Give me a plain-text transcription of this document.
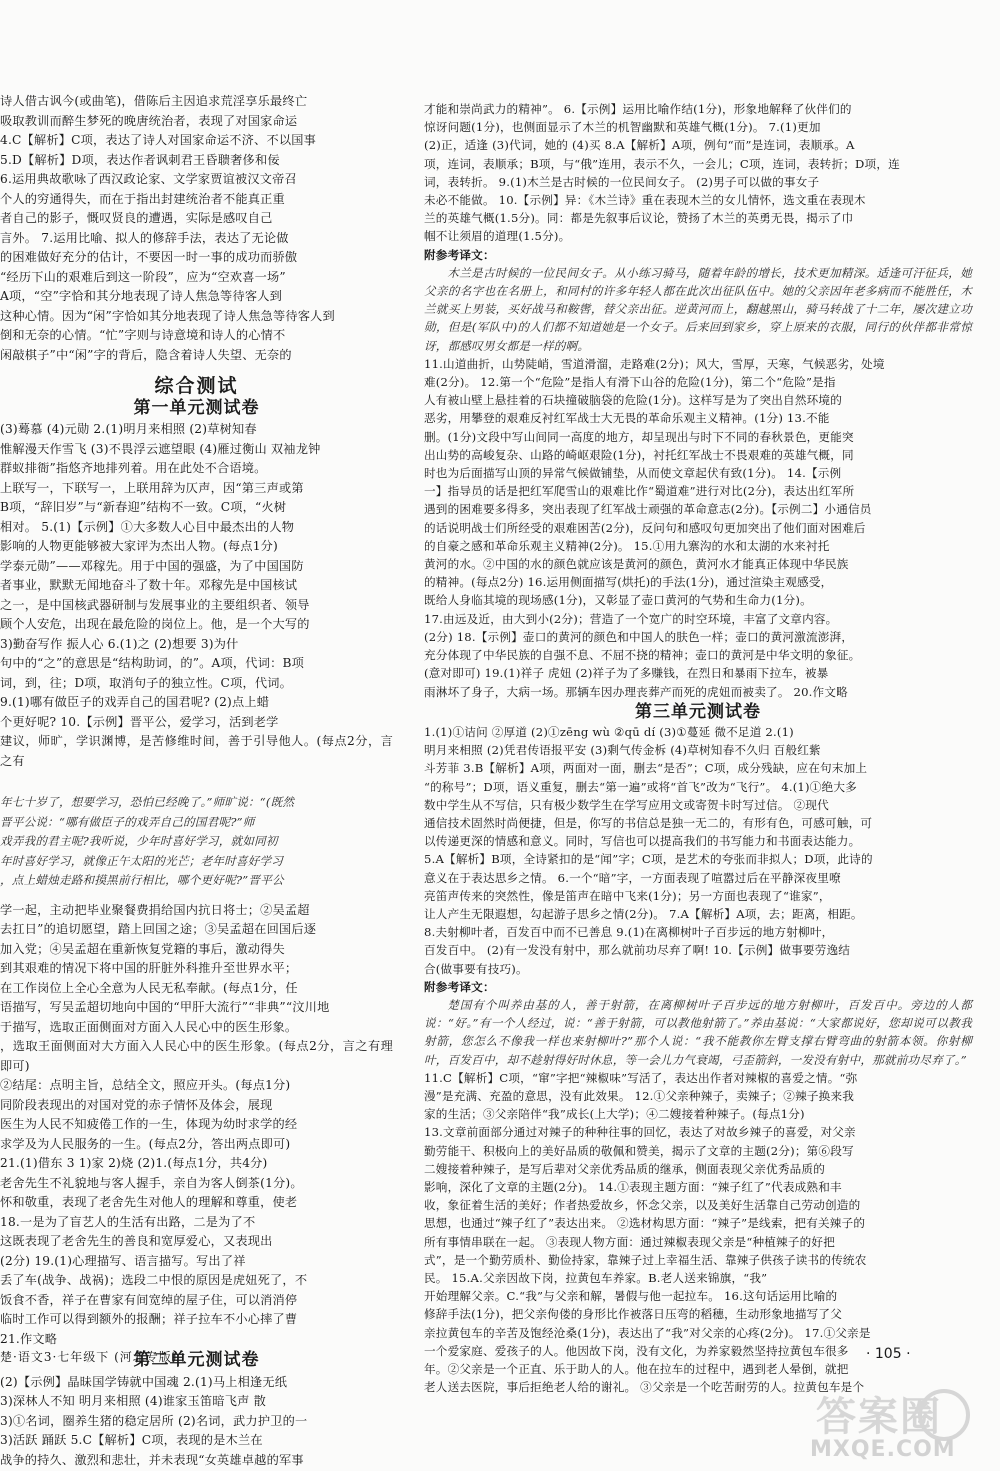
诗人借古讽今(或曲笔)，借陈后主因追求荒淫享乐最终亡

吸取教训而醉生梦死的晚唐统治者，表现了对国家命运

4.C【解析】C项，表达了诗人对国家命运不济、不以国事

5.D【解析】D项，表达作者讽刺君王昏聩奢侈和佞

6.运用典故歌咏了西汉政论家、文学家贾谊被汉文帝召

个人的穷通得失，而在于指出封建统治者不能真正重

者自己的影子，慨叹贤良的遭遇，实际是感叹自己

言外。 7.运用比喻、拟人的修辞手法，表达了无论做

的困难做好充分的估计，不要因一时一事的成功而骄傲

“经历下山的艰难后到这一阶段”，应为“空欢喜一场”

A项，“空”字恰和其分地表现了诗人焦急等待客人到

这种心情。因为“闲”字恰如其分地表现了诗人焦急等待客人到

倒和无奈的心情。“忙”字则与诗意境和诗人的心情不

闲敲棋子”中“闲”字的背后，隐含着诗人失望、无奈的

综合测试
第一单元测试卷

(3)蓦慕 (4)元勋 2.(1)明月来相照 (2)草树知春

惟解漫天作雪飞 (3)不畏浮云遮望眼 (4)雁过衡山 双袖龙钟

群蚁排衙”指悠齐地排列着。用在此处不合语境。

上联写一，下联写一，上联用辞为仄声，因“第三声或第

B项，“辞旧岁”与“新春迎”结构不一致。C项，“火树

相对。 5.(1)【示例】①大多数人心目中最杰出的人物

影响的人物更能够被大家评为杰出人物。(每点1分)

学泰元勋”——邓稼先。用于中国的强盛，为了中国国防

者事业，默默无闻地奋斗了数十年。邓稼先是中国核试

之一，是中国核武器研制与发展事业的主要组织者、领导

顾个人安危，出现在最危险的岗位上。他，是一个大写的

3)勤奋写作 振人心 6.(1)之 (2)想要 3)为什

句中的“之”的意思是“结构助词，的”。A项，代词：B项

词，到，往；D项，取消句子的独立性。C项，代词。

9.(1)哪有做臣子的戏弄自己的国君呢? (2)点上蜡

个更好呢? 10.【示例】晋平公，爱学习，活到老学

建议，师旷，学识渊博，是苦修维时间，善于引导他人。(每点2分，言之有

年七十岁了，想要学习，恐怕已经晚了。”师旷说：“(既然

晋平公说：“哪有做臣子的戏弄自己的国君呢?”师

戏弄我的君主呢?我听说，少年时喜好学习，就如同初

年时喜好学习，就像正午太阳的光芒；老年时喜好学习

，点上蜡烛走路和摸黑前行相比，哪个更好呢?”晋平公

学一起，主动把毕业聚餐费捐给国内抗日将士；②吴孟超

去扛日”的追切愿望，踏上回国之途；③吴孟超在回国后逐

加入党；④吴孟超在重新恢复党籍的事后，激动得失

到其艰难的情况下将中国的肝脏外科推升至世界水平；

在工作岗位上全心全意为人民无私奉献。(每点1分，任

语描写，写吴孟超切地向中国的“甲肝大流行”“非典”“汶川地

于描写，选取正面侧面对方面入人民心中的医生形象。

，选取王面侧面对大方面入人民心中的医生形象。(每点2分，言之有理即可)

②结尾：点明主旨，总结全文，照应开头。(每点1分)

同阶段表现出的对国对党的赤子情怀及体会，展现

医生为人民不知疲倦工作的一生，体现为幼时求学的经

求学及为人民服务的一生。(每点2分，答出两点即可)

21.(1)借东 3 1)家 2)烧 (2)1.(每点1分，共4分)

老舍先生不礼貌地与客人握手，亲自为客人倒茶(1分)。

怀和敬重，表现了老舍先生对他人的理解和尊重，使老

18.一是为了盲艺人的生活有出路，二是为了不

这既表现了老舍先生的善良和宽厚爱心，又表现出

(2分) 19.(1)心理描写、语言描写。写出了祥

丢了车(战争、战祸)；选段二中恨的原因是虎妞死了，不

饭食不香，祥子在曹家有间宽绰的屋子住，可以消消停

临时工作可以得到额外的报酬；祥子拉车不小心摔了曹

21.作文略

第二单元测试卷

(2)【示例】晶昧国学铸就中国魂 2.(1)马上相逢无纸

3)深林人不知 明月来相照 (4)谁家玉笛暗飞声 散

3)①名词，圈养生猪的稳定居所 (2)名词，武力护卫的一

3)活跃 踊跃 5.C【解析】C项，表现的是木兰在

战争的持久、激烈和悲壮，并未表现“女英雄卓越的军事

才能和崇尚武力的精神”。 6.【示例】运用比喻作结(1分)，形象地解释了伙伴们的

惊讶问题(1分)，也侧面显示了木兰的机智幽默和英雄气概(1分)。 7.(1)更加

(2)正，适逢 (3)代词，她的 (4)买 8.A【解析】A项，例句“而”是连词，表顺承。A

项，连词，表顺承；B项，与“俄”连用，表示不久，一会儿；C项，连词，表转折；D项，连

词，表转折。 9.(1)木兰是古时候的一位民间女子。 (2)男子可以做的事女子

未必不能做。 10.【示例】异：《木兰诗》重在表现木兰的女儿情怀，选文重在表现木

兰的英雄气概(1.5分)。同：都是先叙事后议论，赞扬了木兰的英勇无畏，揭示了巾

帼不让须眉的道理(1.5分)。

附参考译文：

木兰是古时候的一位民间女子。从小练习骑马，随着年龄的增长，技术更加精深。适逢可汗征兵，她父亲的名字也在名册上，和同村的许多年轻人都在此次出征队伍中。她的父亲因年老多病而不能胜任，木兰就买上男装，买好战马和鞍辔，替父亲出征。逆黄河而上，翻越黑山，骑马转战了十二年，屡次建立功勋，但是(军队中)的人们都不知道她是一个女子。后来回到家乡，穿上原来的衣服，同行的伙伴都非常惊讶，都感叹男女都是一样的啊。

11.山道曲折，山势陡峭，雪道滑溜，走路难(2分)；风大，雪厚，天寒，气候恶劣，处境

难(2分)。 12.第一个“危险”是指人有滑下山谷的危险(1分)，第二个“危险”是指

人有被山壁上悬挂着的石块撞破脑袋的危险(1分)。这样写是为了突出自然环境的

恶劣，用攀登的艰难反衬红军战士大无畏的革命乐观主义精神。(1分) 13.不能

删。(1分)文段中写山间同一高度的地方，却呈现出与时下不同的春秋景色，更能突

出山势的高峻复杂、山路的崎岖艰险(1分)，衬托红军战士不畏艰难的英雄气概，同

时也为后面描写山顶的异常气候做铺垫，从而使文章起伏有致(1分)。 14.【示例

一】指导员的话是把红军爬雪山的艰难比作“蜀道难”进行对比(2分)，表达出红军所

遇到的困难要多得多，突出表现了红军战士顽强的革命意志(2分)。【示例二】小通信员

的话说明战士们所经受的艰难困苦(2分)，反问句和感叹句更加突出了他们面对困难后

的自豪之感和革命乐观主义精神(2分)。 15.①用九寨沟的水和太湖的水来衬托

黄河的水。②中国的水的颜色就应该是黄河的颜色，黄河水才能真正体现中华民族

的精神。(每点2分) 16.运用侧面描写(烘托)的手法(1分)，通过渲染主观感受，

既给人身临其境的现场感(1分)，又彰显了壶口黄河的气势和生命力(1分)。

17.由远及近，由大到小(2分)；营造了一个宽广的时空环境，丰富了文章内容。

(2分) 18.【示例】壶口的黄河的颜色和中国人的肤色一样；壶口的黄河激流澎湃，

充分体现了中华民族的自强不息、不屈不挠的精神；壶口的黄河是中华文明的象征。

(意对即可) 19.(1)祥子 虎妞 (2)祥子为了多赚钱，在烈日和暴雨下拉车，被暴

雨淋坏了身子，大病一场。那辆车因办理丧葬产而死的虎妞而被卖了。 20.作文略

第三单元测试卷

1.(1)①诘问 ②厚道 (2)①zēng wù ②qū dí (3)①蔓延 微不足道 2.(1)

明月来相照 (2)凭君传语报平安 (3)剩气传金柝 (4)草树知春不久归 百般红紫

斗芳菲 3.B【解析】A项，两面对一面，删去“是否”；C项，成分残缺，应在句末加上

“的称号”；D项，语义重复，删去“第一遍”或将“首飞”改为“飞行”。 4.(1)①绝大多

数中学生从不写信，只有极少数学生在学写应用文或寄贺卡时写过信。 ②现代

通信技术固然时尚便捷，但是，你写的书信总是独一无二的，有形有色，可感可触，可

以传递更深的情感和意义。同时，写信也可以提高我们的书写能力和书面表达能力。

5.A【解析】B项，全诗紧扣的是“闻”字；C项，是艺术的夸张而非拟人；D项，此诗的

意义在于表达思乡之情。 6.一个“暗”字，一方面表现了喧嚣过后在平静深夜里嘹

亮笛声传来的突然性，像是笛声在暗中飞来(1分)；另一方面也表现了“谁家”，

让人产生无限遐想，勾起游子思乡之情(2分)。 7.A【解析】A项，去；距离，相距。

8.夫射柳叶者，百发百中而不已善息 9.(1)在离柳树叶子百步远的地方射柳叶，

百发百中。 (2)有一发没有射中，那么就前功尽弃了啊! 10.【示例】做事要劳逸结

合(做事要有技巧)。

附参考译文：

楚国有个叫养由基的人，善于射箭，在离柳树叶子百步远的地方射柳叶，百发百中。旁边的人都说：“好。”有一个人经过，说：“善于射箭，可以教他射箭了。”养由基说：“大家都说好，您却说可以教我射箭，您怎么不像我一样也来射柳叶?”那个人说：“我不能教你左臂支撑右臂弯曲的射箭本领。你射柳叶，百发百中，却不趁射得好时休息，等一会儿力气衰竭，弓歪箭斜，一发没有射中，那就前功尽弃了。”

11.C【解析】C项，“窜”字把“辣椒味”写活了，表达出作者对辣椒的喜爱之情。“弥

漫”是充满、充盈的意思，没有此效果。 12.①父亲种辣子，卖辣子；②辣子换来我

家的生活；③父亲陪伴“我”成长(上大学)；④二嫂接着种辣子。(每点1分)

13.文章前面部分通过对辣子的种种往事的回忆，表达了对故乡辣子的喜爱，对父亲

勤劳能干、积极向上的美好品质的敬佩和赞美，揭示了文章的主题(2分)；第⑥段写

二嫂接着种辣子，是写后辈对父亲优秀品质的继承，侧面表现父亲优秀品质的

影响，深化了文章的主题(2分)。 14.①表现主题方面：“辣子红了”代表成熟和丰

收，象征着生活的美好；作者热爱故乡，怀念父亲，以及美好生活靠自己劳动创造的

思想，也通过“辣子红了”表达出来。 ②选材构思方面：“辣子”是线索，把有关辣子的

所有事情串联在一起。 ③表现人物方面：通过辣椒表现父亲是“种植辣子的好把

式”，是一个勤劳质朴、勤俭持家，靠辣子过上幸福生活、靠辣子供孩子读书的传统农

民。 15.A.父亲因故下岗，拉黄包车养家。B.老人送来锦旗，“我”

开始理解父亲。C.“我”与父亲和解，暑假与他一起拉车。 16.这句话运用比喻的

修辞手法(1分)，把父亲佝偻的身形比作被落日压弯的稻穗，生动形象地描写了父

亲拉黄包车的辛苦及饱经沧桑(1分)，表达出了“我”对父亲的心疼(2分)。 17.①父亲是

一个爱家庭、爱孩子的人。他因故下岗，没有文化，为养家毅然坚持拉黄包车很多

年。②父亲是一个正直、乐于助人的人。他在拉车的过程中，遇到老人晕倒，就把

老人送去医院，事后拒绝老人给的谢礼。 ③父亲是一个吃苦耐劳的人。拉黄包车是个

楚·语文3·七年级下 (河北专版)	· 105 ·
答案圈
MXQE.COM
